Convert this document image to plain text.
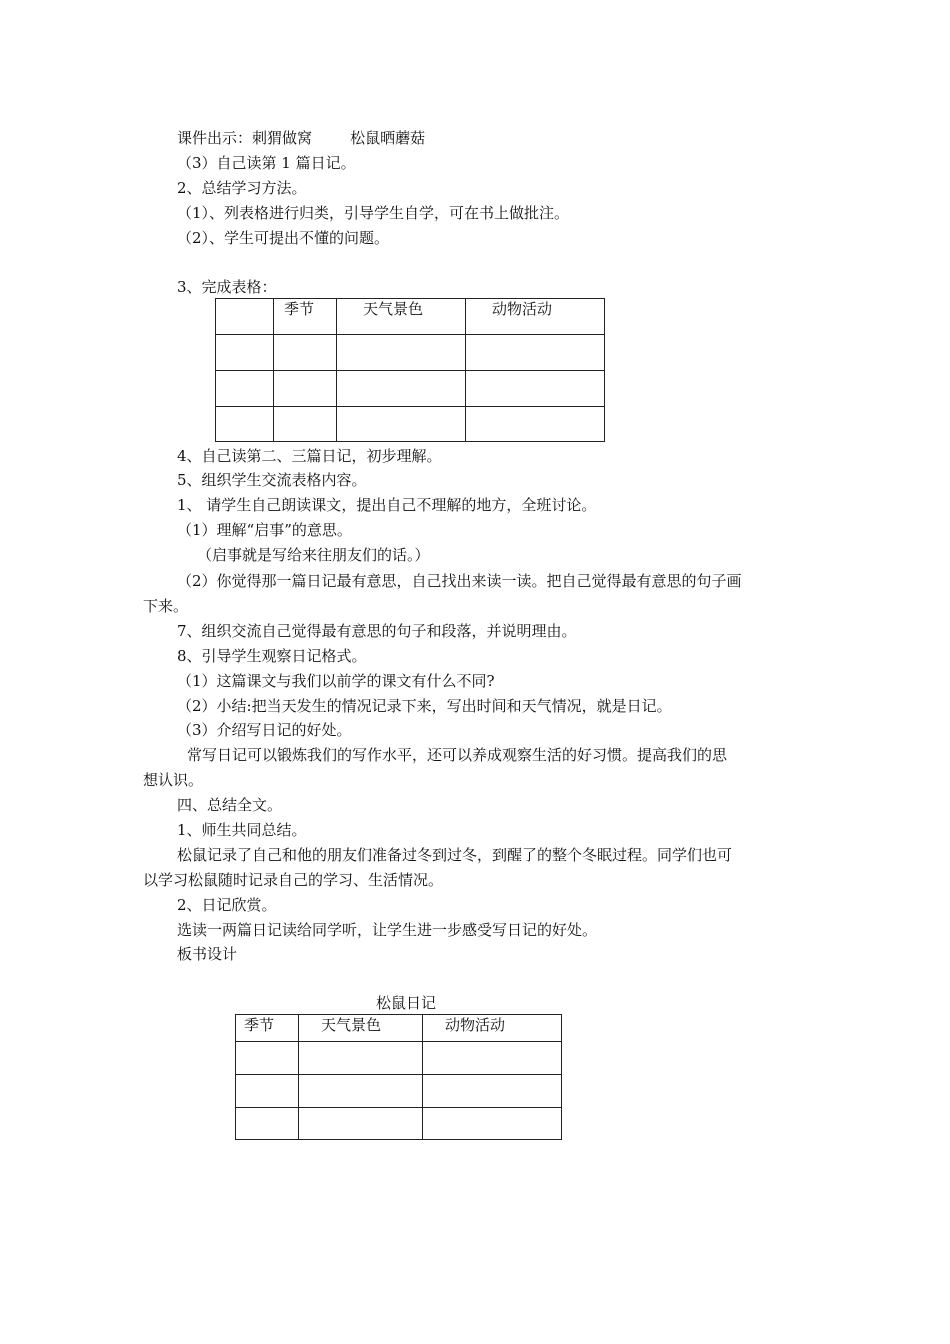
课件出示：刺猬做窝        松鼠晒蘑菇
（3）自己读第 1 篇日记。
2、总结学习方法。
（1）、列表格进行归类，引导学生自学，可在书上做批注。
（2）、学生可提出不懂的问题。
3、完成表格：
	季节	天气景色	动物活动

4、自己读第二、三篇日记，初步理解。
5、组织学生交流表格内容。
1、 请学生自己朗读课文，提出自己不理解的地方，全班讨论。
（1）理解“启事”的意思。
（启事就是写给来往朋友们的话。）
（2）你觉得那一篇日记最有意思，自己找出来读一读。把自己觉得最有意思的句子画
下来。
7、组织交流自己觉得最有意思的句子和段落，并说明理由。
8、引导学生观察日记格式。
（1）这篇课文与我们以前学的课文有什么不同?
（2）小结:把当天发生的情况记录下来，写出时间和天气情况，就是日记。
（3）介绍写日记的好处。
常写日记可以锻炼我们的写作水平，还可以养成观察生活的好习惯。提高我们的思
想认识。
四、总结全文。
1、师生共同总结。
松鼠记录了自己和他的朋友们准备过冬到过冬，到醒了的整个冬眠过程。同学们也可
以学习松鼠随时记录自己的学习、生活情况。
2、日记欣赏。
选读一两篇日记读给同学听，让学生进一步感受写日记的好处。
板书设计
松鼠日记
季节	天气景色	动物活动
